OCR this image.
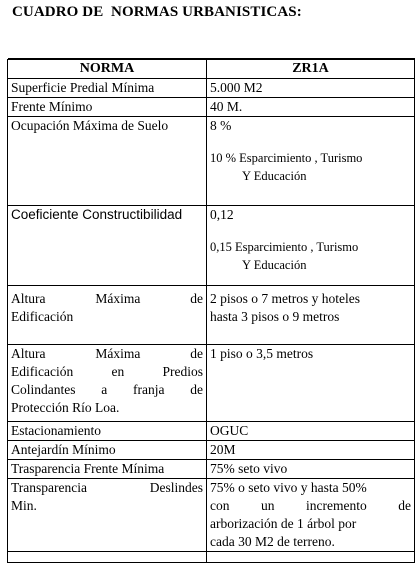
CUADRO DE  NORMAS URBANISTICAS:

NORMA	ZR1A
Superficie Predial Mínima	5.000 M2
Frente Mínimo	40 M.
Ocupación Máxima de Suelo	8 %
10 % Esparcimiento , Turismo
Y Educación

Coeficiente Constructibilidad	0,12
0,15 Esparcimiento , Turismo
Y Educación

Altura Máxima de
Edificación	2 pisos o 7 metros y hoteles
hasta 3 pisos o 9 metros

Altura Máxima de
Edificación en Predios
Colindantes a franja de
Protección Río Loa.	1 piso o 3,5 metros
Estacionamiento	OGUC
Antejardín Mínimo	20M
Trasparencia Frente Mínima	75% seto vivo

Transparencia Deslindes
Min.	75% o seto vivo y hasta 50%
con un incremento de
arborización de 1 árbol por
cada 30 M2 de terreno.
